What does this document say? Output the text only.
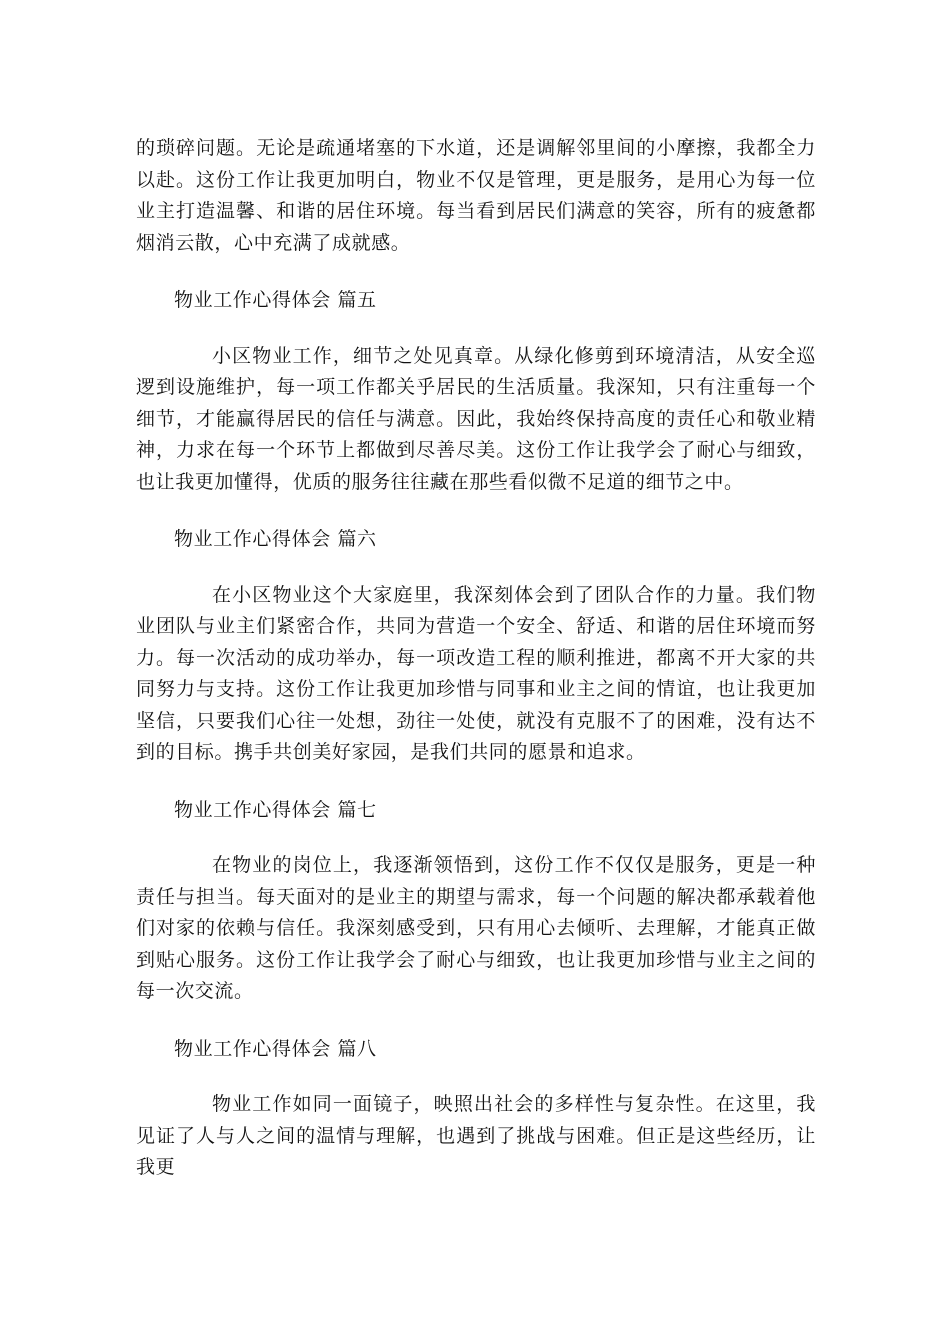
的琐碎问题。无论是疏通堵塞的下水道，还是调解邻里间的小摩擦，我都全力以赴。这份工作让我更加明白，物业不仅是管理，更是服务，是用心为每一位业主打造温馨、和谐的居住环境。每当看到居民们满意的笑容，所有的疲惫都烟消云散，心中充满了成就感。

物业工作心得体会 篇五

小区物业工作，细节之处见真章。从绿化修剪到环境清洁，从安全巡逻到设施维护，每一项工作都关乎居民的生活质量。我深知，只有注重每一个细节，才能赢得居民的信任与满意。因此，我始终保持高度的责任心和敬业精神，力求在每一个环节上都做到尽善尽美。这份工作让我学会了耐心与细致，也让我更加懂得，优质的服务往往藏在那些看似微不足道的细节之中。

物业工作心得体会 篇六

在小区物业这个大家庭里，我深刻体会到了团队合作的力量。我们物业团队与业主们紧密合作，共同为营造一个安全、舒适、和谐的居住环境而努力。每一次活动的成功举办，每一项改造工程的顺利推进，都离不开大家的共同努力与支持。这份工作让我更加珍惜与同事和业主之间的情谊，也让我更加坚信，只要我们心往一处想，劲往一处使，就没有克服不了的困难，没有达不到的目标。携手共创美好家园，是我们共同的愿景和追求。

物业工作心得体会 篇七

在物业的岗位上，我逐渐领悟到，这份工作不仅仅是服务，更是一种责任与担当。每天面对的是业主的期望与需求，每一个问题的解决都承载着他们对家的依赖与信任。我深刻感受到，只有用心去倾听、去理解，才能真正做到贴心服务。这份工作让我学会了耐心与细致，也让我更加珍惜与业主之间的每一次交流。

物业工作心得体会 篇八

物业工作如同一面镜子，映照出社会的多样性与复杂性。在这里，我见证了人与人之间的温情与理解，也遇到了挑战与困难。但正是这些经历，让我更
